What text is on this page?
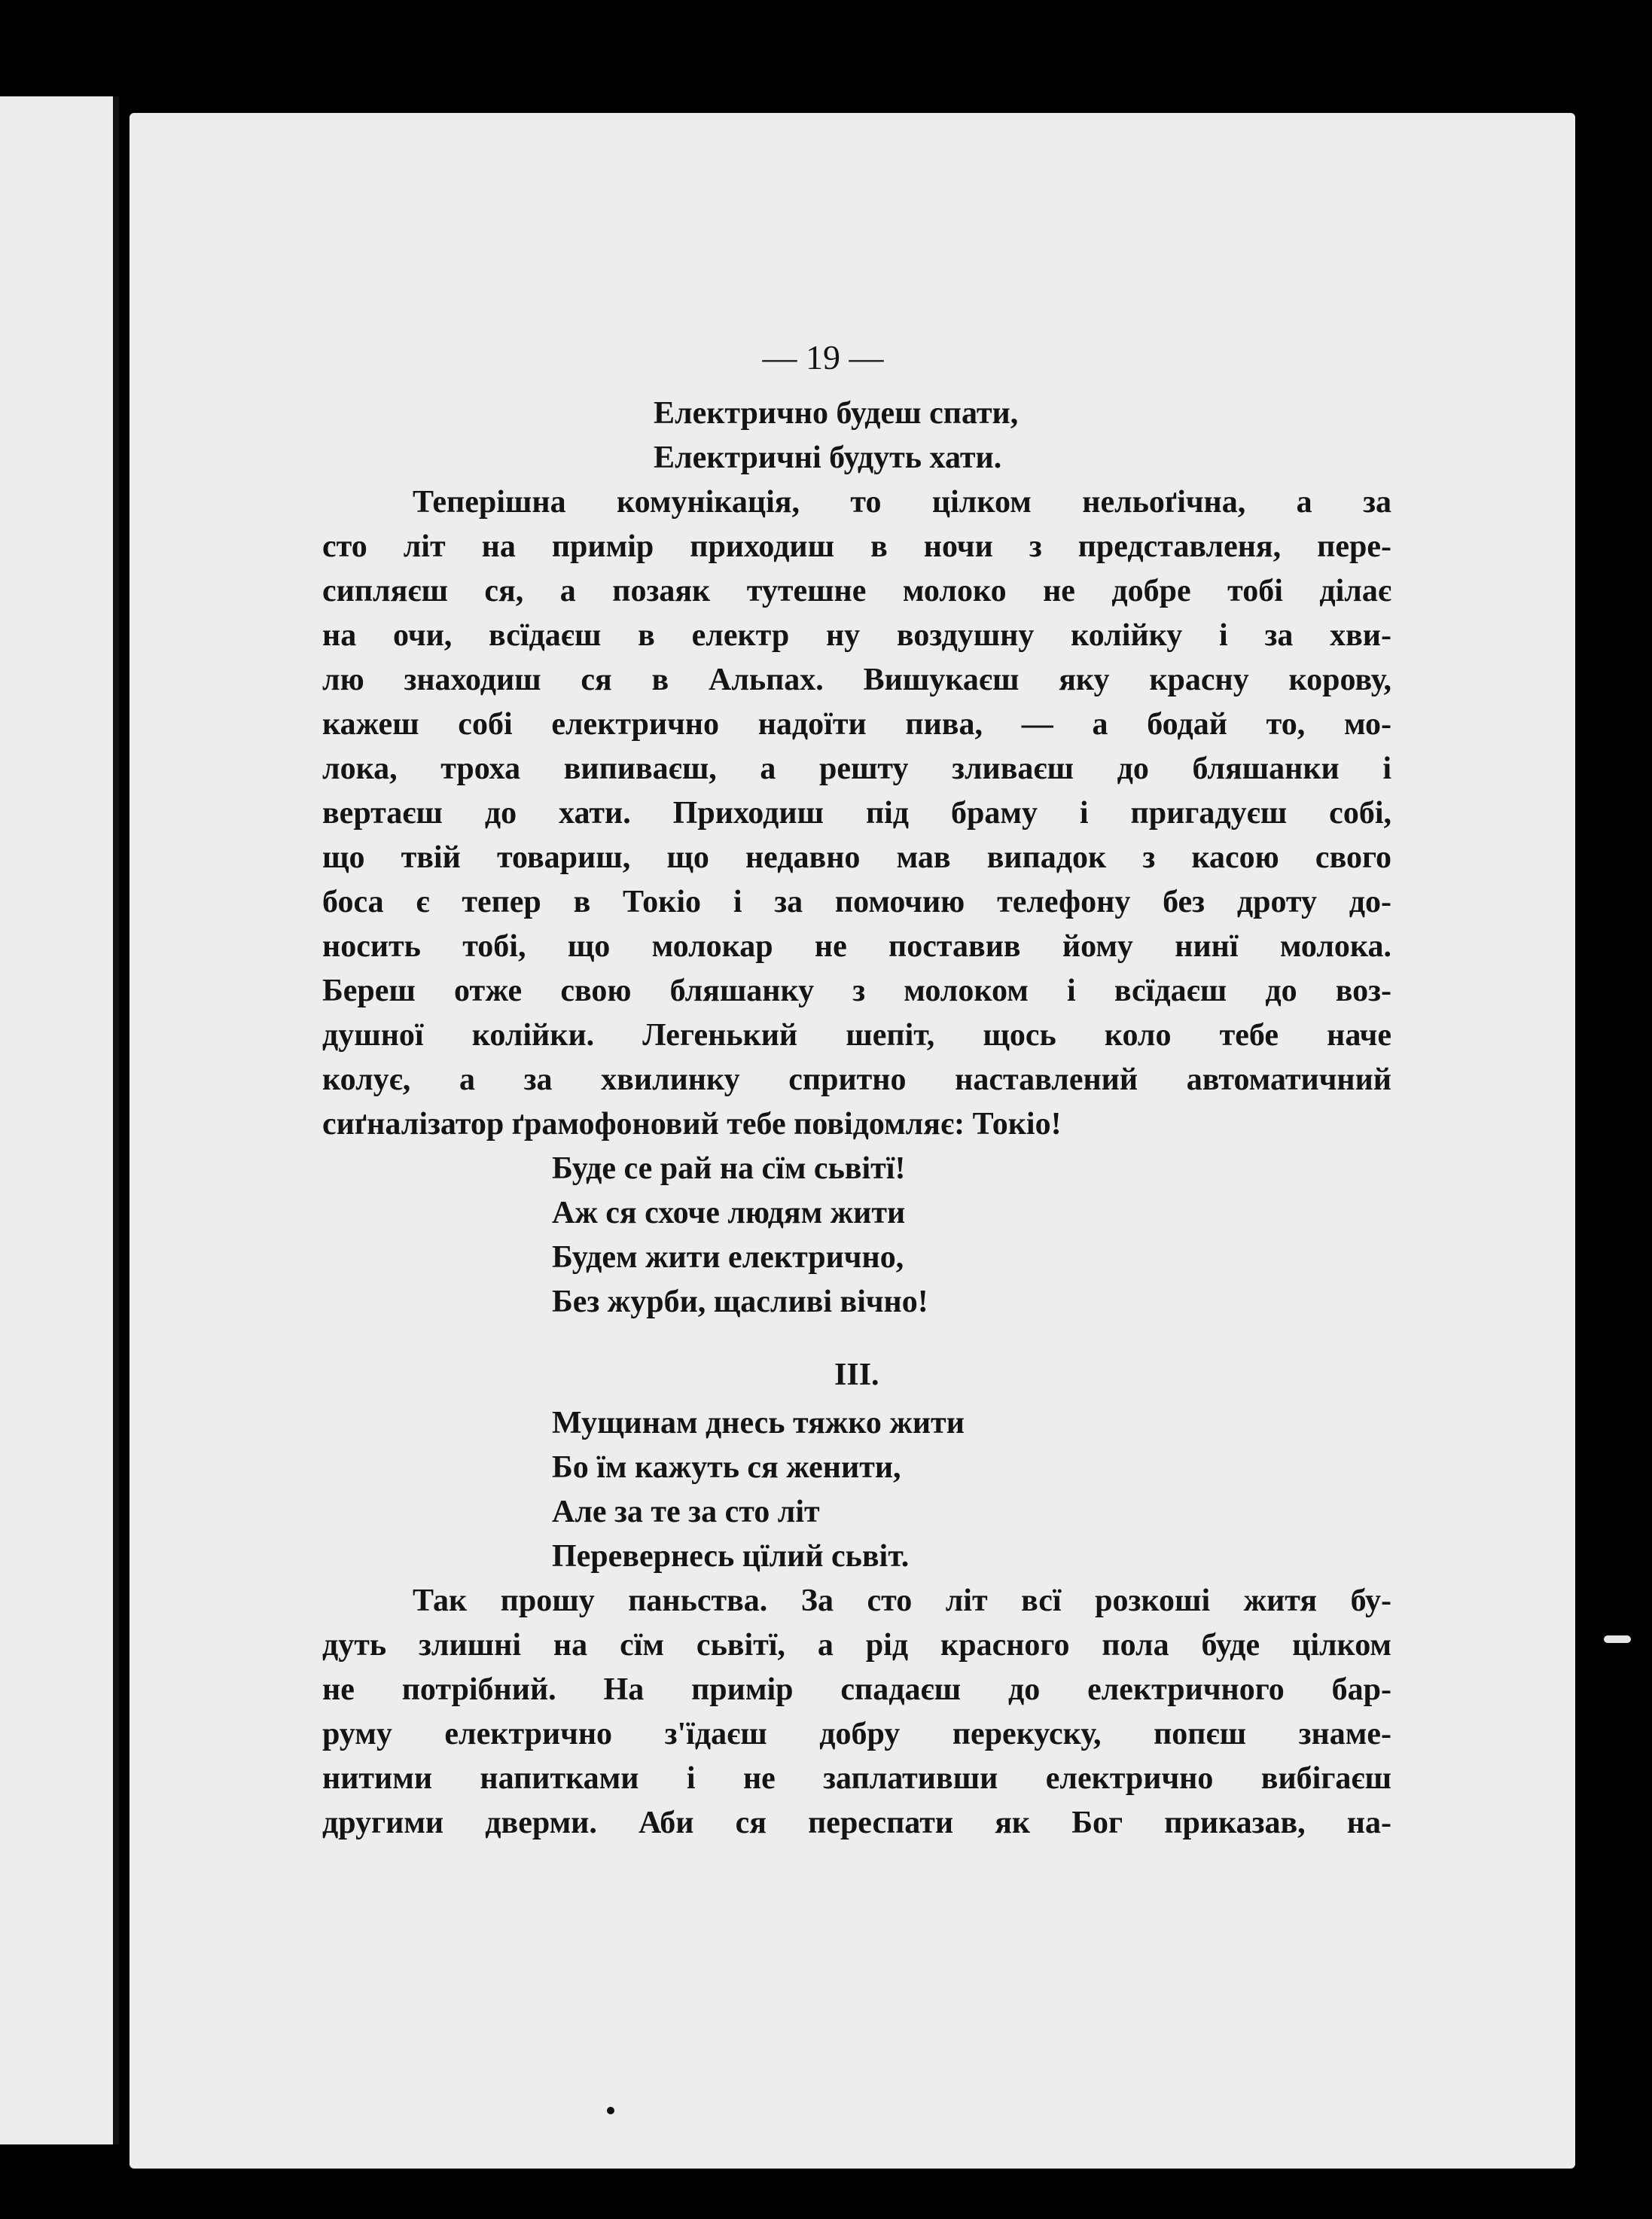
— 19 —
Електрично будеш спати,
Електричні будуть хати.
Теперішна комунікація, то цілком нельоґічна, а за
сто літ на примір приходиш в ночи з представленя, пере-
сипляєш ся, а позаяк тутешне молоко не добре тобі ділає
на очи, всїдаєш в електр ну воздушну колійку і за хви-
лю знаходиш ся в Альпах. Вишукаєш яку красну корову,
кажеш собі електрично надоїти пива, — а бодай то, мо-
лока, троха випиваєш, а решту зливаєш до бляшанки і
вертаєш до хати. Приходиш під браму і пригадуєш собі,
що твій товариш, що недавно мав випадок з касою свого
боса є тепер в Токіо і за помочию телефону без дроту до-
носить тобі, що молокар не поставив йому нинї молока.
Береш отже свою бляшанку з молоком і всїдаєш до воз-
душної колійки. Легенький шепіт, щось коло тебе наче
колує, а за хвилинку спритно наставлений автоматичний
сиґналізатор ґрамофоновий тебе повідомляє: Токіо!
Буде се рай на сїм сьвітї!
Аж ся схоче людям жити
Будем жити електрично,
Без журби, щасливі вічно!
III.
Мущинам днесь тяжко жити
Бо їм кажуть ся женити,
Але за те за сто літ
Перевернесь цїлий сьвіт.
Так прошу паньства. За сто літ всї розкоші житя бу-
дуть злишні на сїм сьвітї, а рід красного пола буде цілком
не потрібний. На примір спадаєш до електричного бар-
руму електрично з'їдаєш добру перекуску, попєш знаме-
нитими напитками і не заплативши електрично вибігаєш
другими дверми. Аби ся переспати як Бог приказав, на-
